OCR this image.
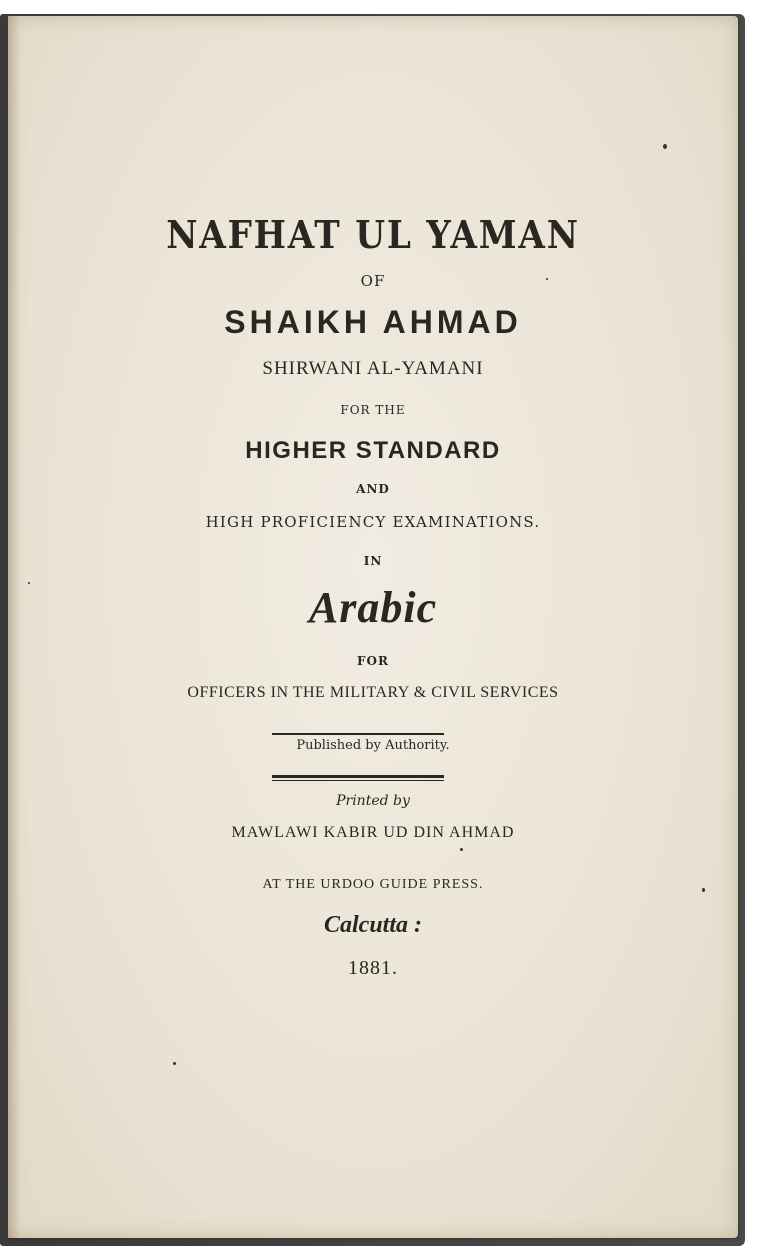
NAFHAT UL YAMAN
OF
SHAIKH AHMAD
SHIRWANI AL-YAMANI
FOR THE
HIGHER STANDARD
AND
HIGH PROFICIENCY EXAMINATIONS.
IN
Arabic
FOR
OFFICERS IN THE MILITARY & CIVIL SERVICES
Published by Authority.
Printed by
MAWLAWI KABIR UD DIN AHMAD
AT THE URDOO GUIDE PRESS.
Calcutta :
1881.
